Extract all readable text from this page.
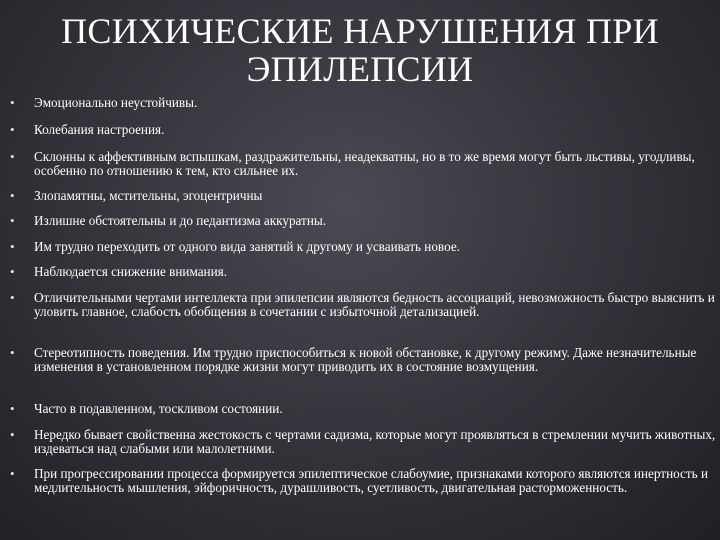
ПСИХИЧЕСКИЕ НАРУШЕНИЯ ПРИ ЭПИЛЕПСИИ
• Эмоционально неустойчивы.
• Колебания настроения.
• Склонны к аффективным вспышкам, раздражительны, неадекватны, но в то же время могут быть льстивы, угодливы, особенно по отношению к тем, кто сильнее их.
• Злопамятны, мстительны, эгоцентричны
• Излишне обстоятельны и до педантизма аккуратны.
• Им трудно переходить от одного вида занятий к другому и усваивать новое.
• Наблюдается снижение внимания.
• Отличительными чертами интеллекта при эпилепсии являются бедность ассоциаций, невозможность быстро выяснить и уловить главное, слабость обобщения в сочетании с избыточной детализацией.
• Стереотипность поведения. Им трудно приспособиться к новой обстановке, к другому режиму. Даже незначительные изменения в установленном порядке жизни могут приводить их в состояние возмущения.
• Часто в подавленном, тоскливом состоянии.
• Нередко бывает свойственна жестокость с чертами садизма, которые могут проявляться в стремлении мучить животных, издеваться над слабыми или малолетними.
• При прогрессировании процесса формируется эпилептическое слабоумие, признаками которого являются инертность и медлительность мышления, эйфоричность, дурашливость, суетливость, двигательная расторможенность.
